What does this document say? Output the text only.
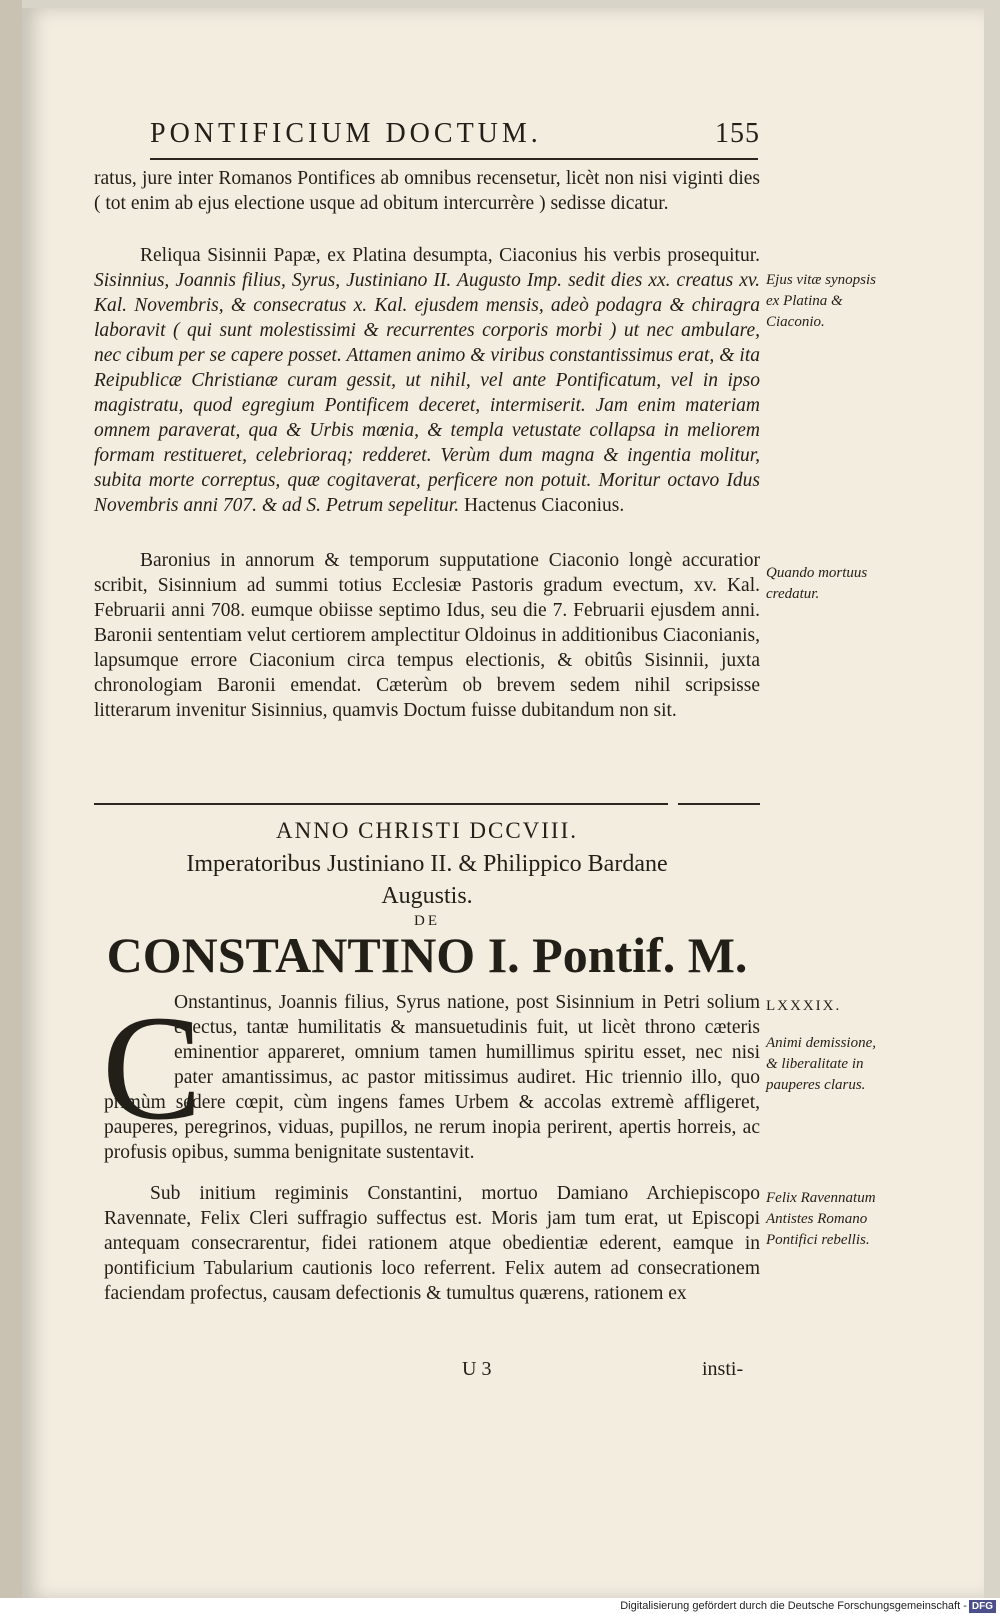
PONTIFICIUM DOCTUM.	155

ratus, jure inter Romanos Pontifices ab omnibus recensetur, licèt non nisi viginti dies ( tot enim ab ejus electione usque ad obitum intercurrère ) sedisse dicatur.

Reliqua Sisinnii Papæ, ex Platina desumpta, Ciaconius his verbis prosequitur. Sisinnius, Joannis filius, Syrus, Justiniano II. Augusto Imp. sedit dies xx. creatus xv. Kal. Novembris, & consecratus x. Kal. ejusdem mensis, adeò podagra & chiragra laboravit ( qui sunt molestissimi & recurrentes corporis morbi ) ut nec ambulare, nec cibum per se capere posset. Attamen animo & viribus constantissimus erat, & ita Reipublicæ Christianæ curam gessit, ut nihil, vel ante Pontificatum, vel in ipso magistratu, quod egregium Pontificem deceret, intermiserit. Jam enim materiam omnem paraverat, qua & Urbis mœnia, & templa vetustate collapsa in meliorem formam restitueret, celebrioraq; redderet. Verùm dum magna & ingentia molitur, subita morte correptus, quæ cogitaverat, perficere non potuit. Moritur octavo Idus Novembris anni 707. & ad S. Petrum sepelitur. Hactenus Ciaconius.

Baronius in annorum & temporum supputatione Ciaconio longè accuratior scribit, Sisinnium ad summi totius Ecclesiæ Pastoris gradum evectum, xv. Kal. Februarii anni 708. eumque obiisse septimo Idus, seu die 7. Februarii ejusdem anni. Baronii sententiam velut certiorem amplectitur Oldoinus in additionibus Ciaconianis, lapsumque errore Ciaconium circa tempus electionis, & obitûs Sisinnii, juxta chronologiam Baronii emendat. Cæterùm ob brevem sedem nihil scripsisse litterarum invenitur Sisinnius, quamvis Doctum fuisse dubitandum non sit.

Ejus vitæ synopsis ex Platina & Ciaconio.
Quando mortuus credatur.
LXXXIX.
Animi demissione, & liberalitate in pauperes clarus.
Felix Ravennatum Antistes Romano Pontifici rebellis.
ANNO CHRISTI DCCVIII.
Imperatoribus Justiniano II. & Philippico Bardane
Augustis.
DE
CONSTANTINO I. Pontif. M.
C

Onstantinus, Joannis filius, Syrus natione, post Sisinnium in Petri solium evectus, tantæ humilitatis & mansuetudinis fuit, ut licèt throno cæteris eminentior appareret, omnium tamen humillimus spiritu esset, nec nisi pater amantissimus, ac pastor mitissimus audiret. Hic triennio illo, quo primùm sedere cœpit, cùm ingens fames Urbem & accolas extremè affligeret, pauperes, peregrinos, viduas, pupillos, ne rerum inopia perirent, apertis horreis, ac profusis opibus, summa benignitate sustentavit.

Sub initium regiminis Constantini, mortuo Damiano Archiepiscopo Ravennate, Felix Cleri suffragio suffectus est. Moris jam tum erat, ut Episcopi antequam consecrarentur, fidei rationem atque obedientiæ ederent, eamque in pontificium Tabularium cautionis loco referrent. Felix autem ad consecrationem faciendam profectus, causam defectionis & tumultus quærens, rationem ex

U 3	insti-
Digitalisierung gefördert durch die Deutsche Forschungsgemeinschaft - DFG
